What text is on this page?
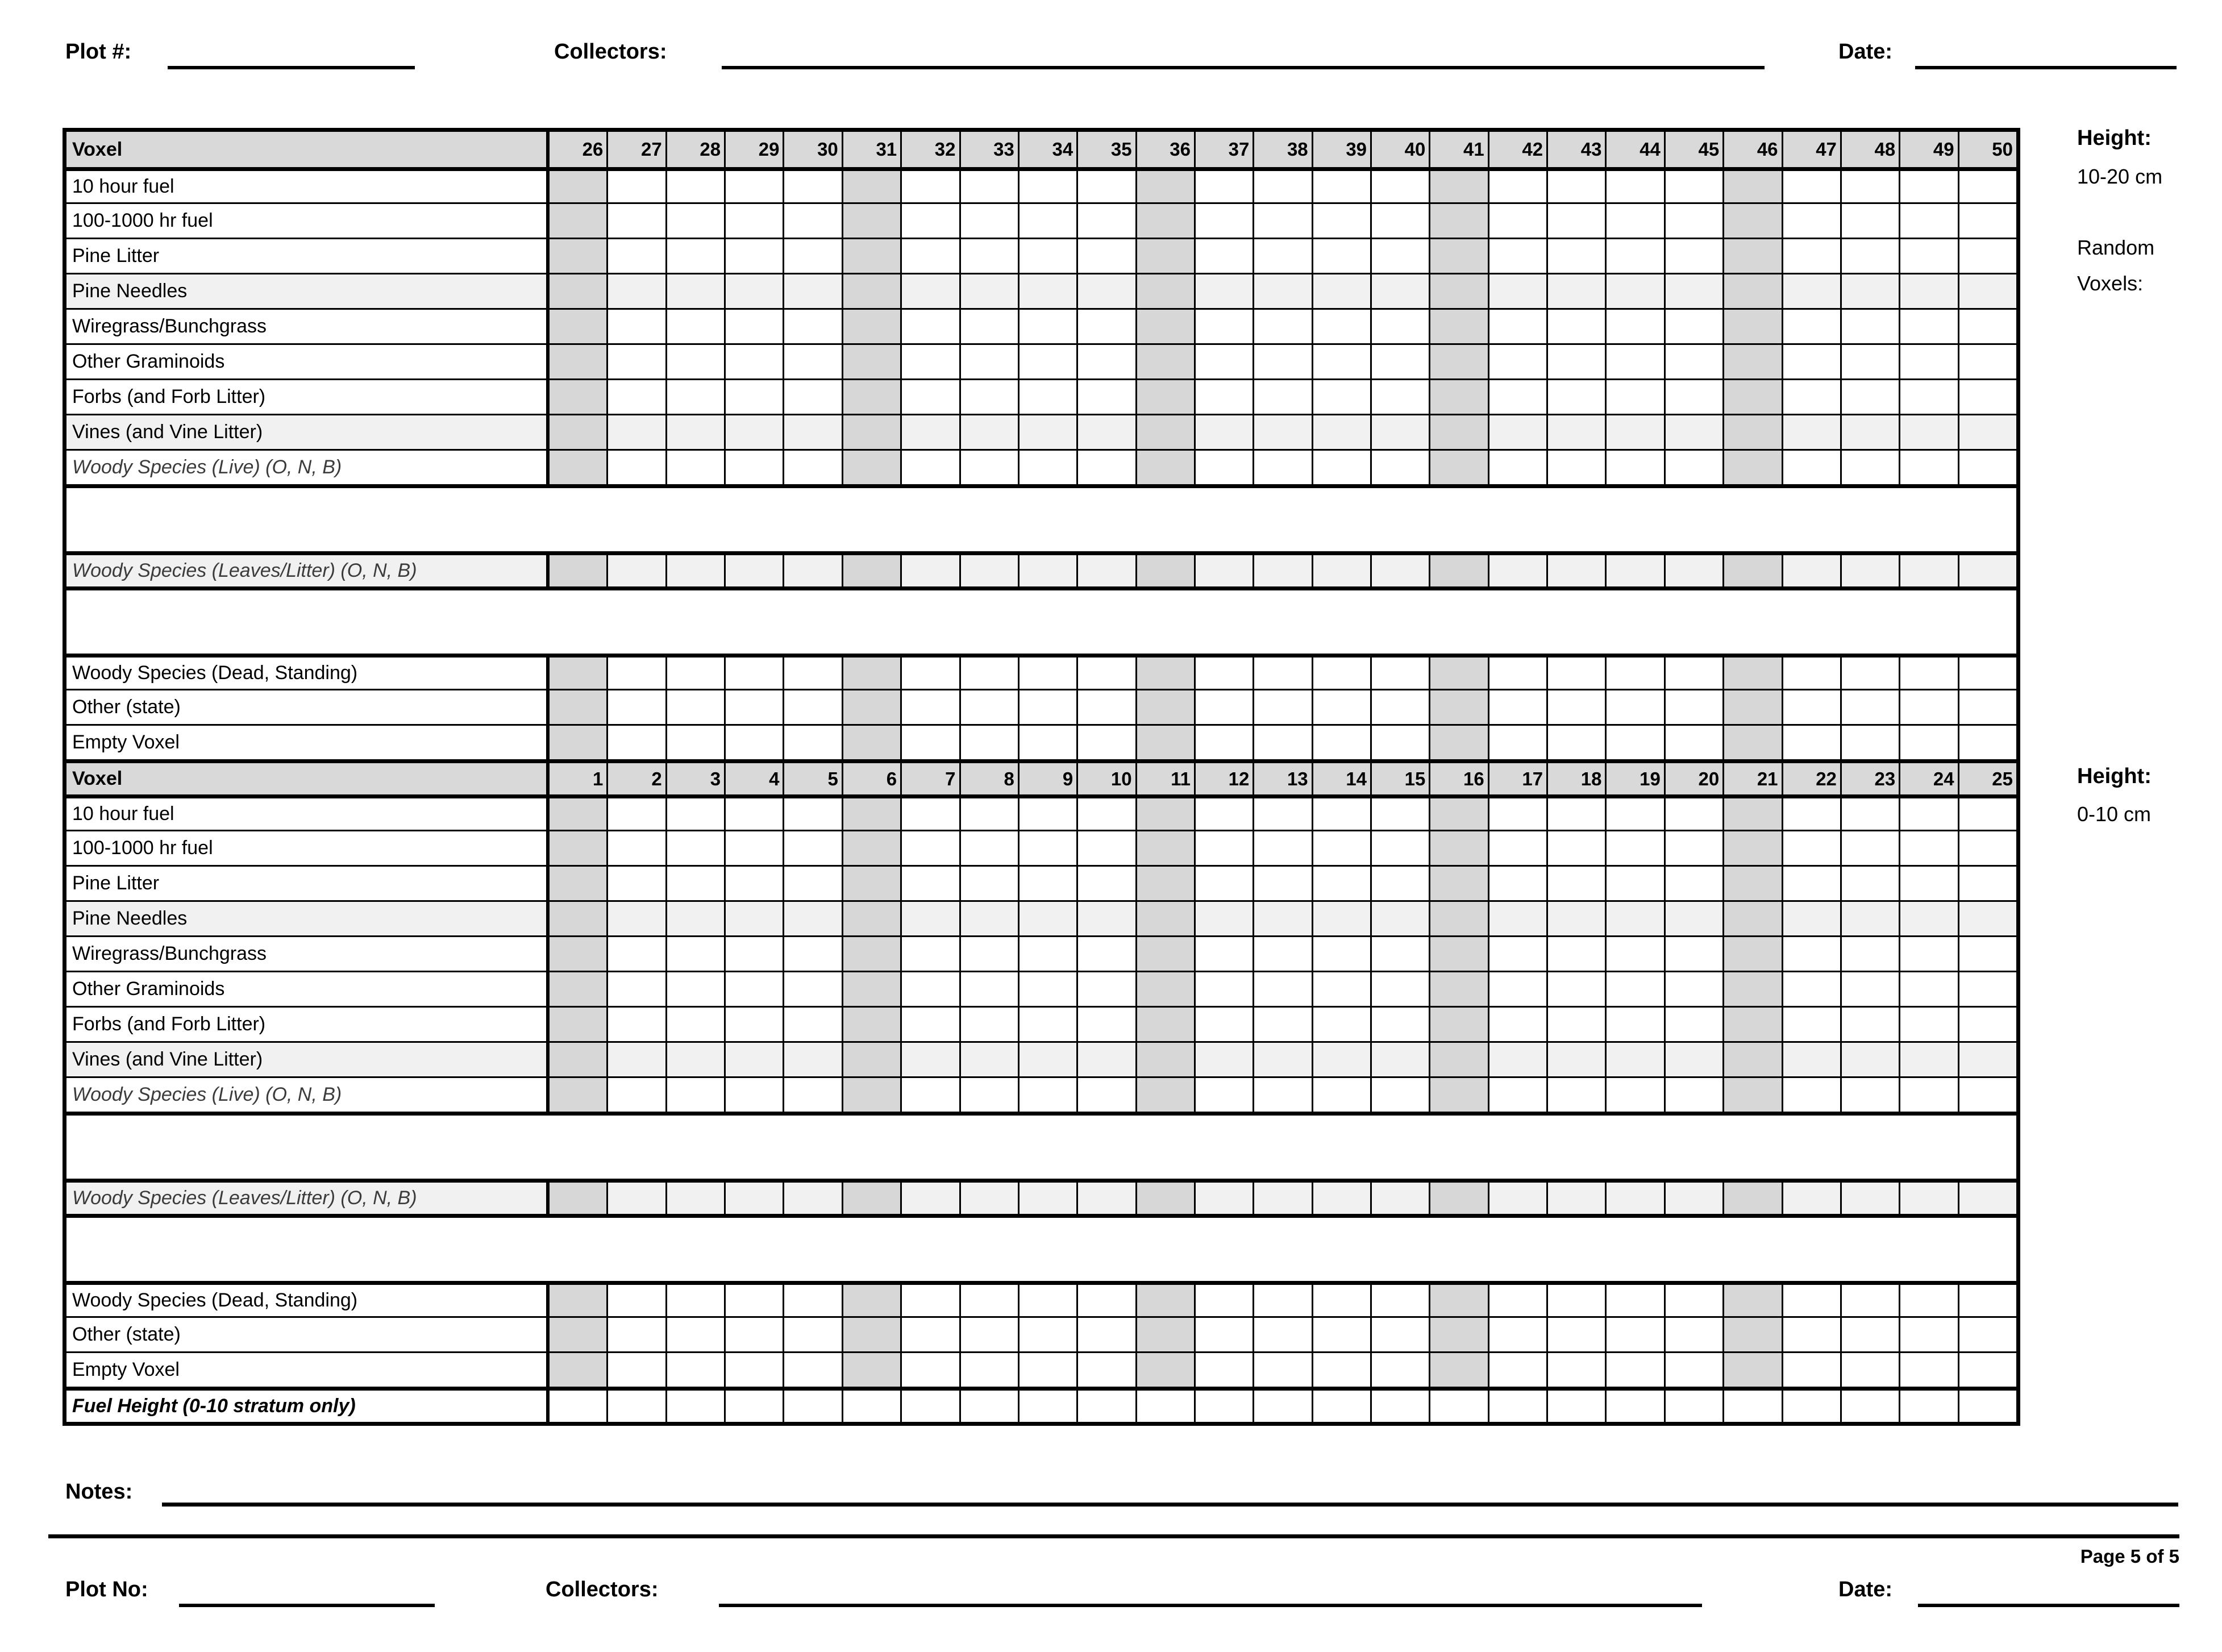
Plot #:	Collectors:	Date:
Voxel	26	27	28	29	30	31	32	33	34	35	36	37	38	39	40	41	42	43	44	45	46	47	48	49	50
10 hour fuel
100-1000 hr fuel
Pine Litter
Pine Needles
Wiregrass/Bunchgrass
Other Graminoids
Forbs (and Forb Litter)
Vines (and Vine Litter)
Woody Species (Live) (O, N, B)
Woody Species (Leaves/Litter) (O, N, B)
Woody Species (Dead, Standing)
Other (state)
Empty Voxel
Voxel	1	2	3	4	5	6	7	8	9	10	11	12	13	14	15	16	17	18	19	20	21	22	23	24	25
10 hour fuel
100-1000 hr fuel
Pine Litter
Pine Needles
Wiregrass/Bunchgrass
Other Graminoids
Forbs (and Forb Litter)
Vines (and Vine Litter)
Woody Species (Live) (O, N, B)
Woody Species (Leaves/Litter) (O, N, B)
Woody Species (Dead, Standing)
Other (state)
Empty Voxel
Fuel Height (0-10 stratum only)
Height:
10-20 cm
Random
Voxels:
Height:
0-10 cm
Notes:
Page 5 of 5
Plot No:	Collectors:	Date:
